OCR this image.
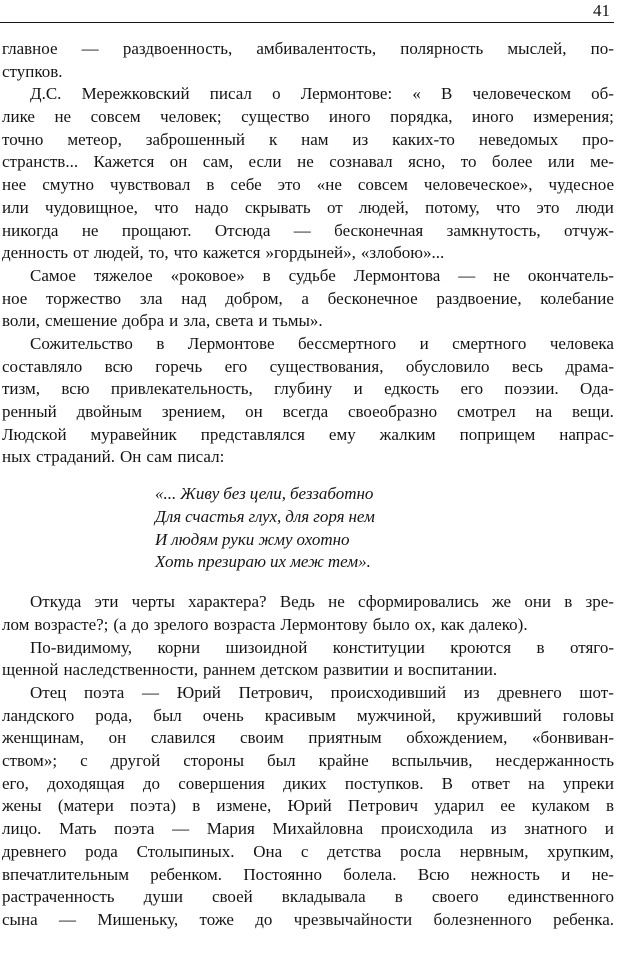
41
главное — раздвоенность, амбивалентость, полярность мыслей, по-
ступков.
Д.С. Мережковский писал о Лермонтове: « В человеческом об-
лике не совсем человек; существо иного порядка, иного измерения;
точно метеор, заброшенный к нам из каких-то неведомых про-
странств... Кажется он сам, если не сознавал ясно, то более или ме-
нее смутно чувствовал в себе это «не совсем человеческое», чудесное
или чудовищное, что надо скрывать от людей, потому, что это люди
никогда не прощают. Отсюда — бесконечная замкнутость, отчуж-
денность от людей, то, что кажется »гордыней», «злобою»...
Самое тяжелое «роковое» в судьбе Лермонтова — не окончатель-
ное торжество зла над добром, а бесконечное раздвоение, колебание
воли, смешение добра и зла, света и тьмы».
Сожительство в Лермонтове бессмертного и смертного человека
составляло всю горечь его существования, обусловило весь драма-
тизм, всю привлекательность, глубину и едкость его поэзии. Ода-
ренный двойным зрением, он всегда своеобразно смотрел на вещи.
Людской муравейник представлялся ему жалким поприщем напрас-
ных страданий. Он сам писал:
«... Живу без цели, беззаботно
Для счастья глух, для горя нем
И людям руки жму охотно
Хоть презираю их меж тем».
Откуда эти черты характера? Ведь не сформировались же они в зре-
лом возрасте?; (а до зрелого возраста Лермонтову было ох, как далеко).
По-видимому, корни шизоидной конституции кроются в отяго-
щенной наследственности, раннем детском развитии и воспитании.
Отец поэта — Юрий Петрович, происходивший из древнего шот-
ландского рода, был очень красивым мужчиной, круживший головы
женщинам, он славился своим приятным обхождением, «бонвиван-
ством»; с другой стороны был крайне вспыльчив, несдержанность
его, доходящая до совершения диких поступков. В ответ на упреки
жены (матери поэта) в измене, Юрий Петрович ударил ее кулаком в
лицо. Мать поэта — Мария Михайловна происходила из знатного и
древнего рода Столыпиных. Она с детства росла нервным, хрупким,
впечатлительным ребенком. Постоянно болела. Всю нежность и не-
растраченность души своей вкладывала в своего единственного
сына — Мишеньку, тоже до чрезвычайности болезненного ребенка.
